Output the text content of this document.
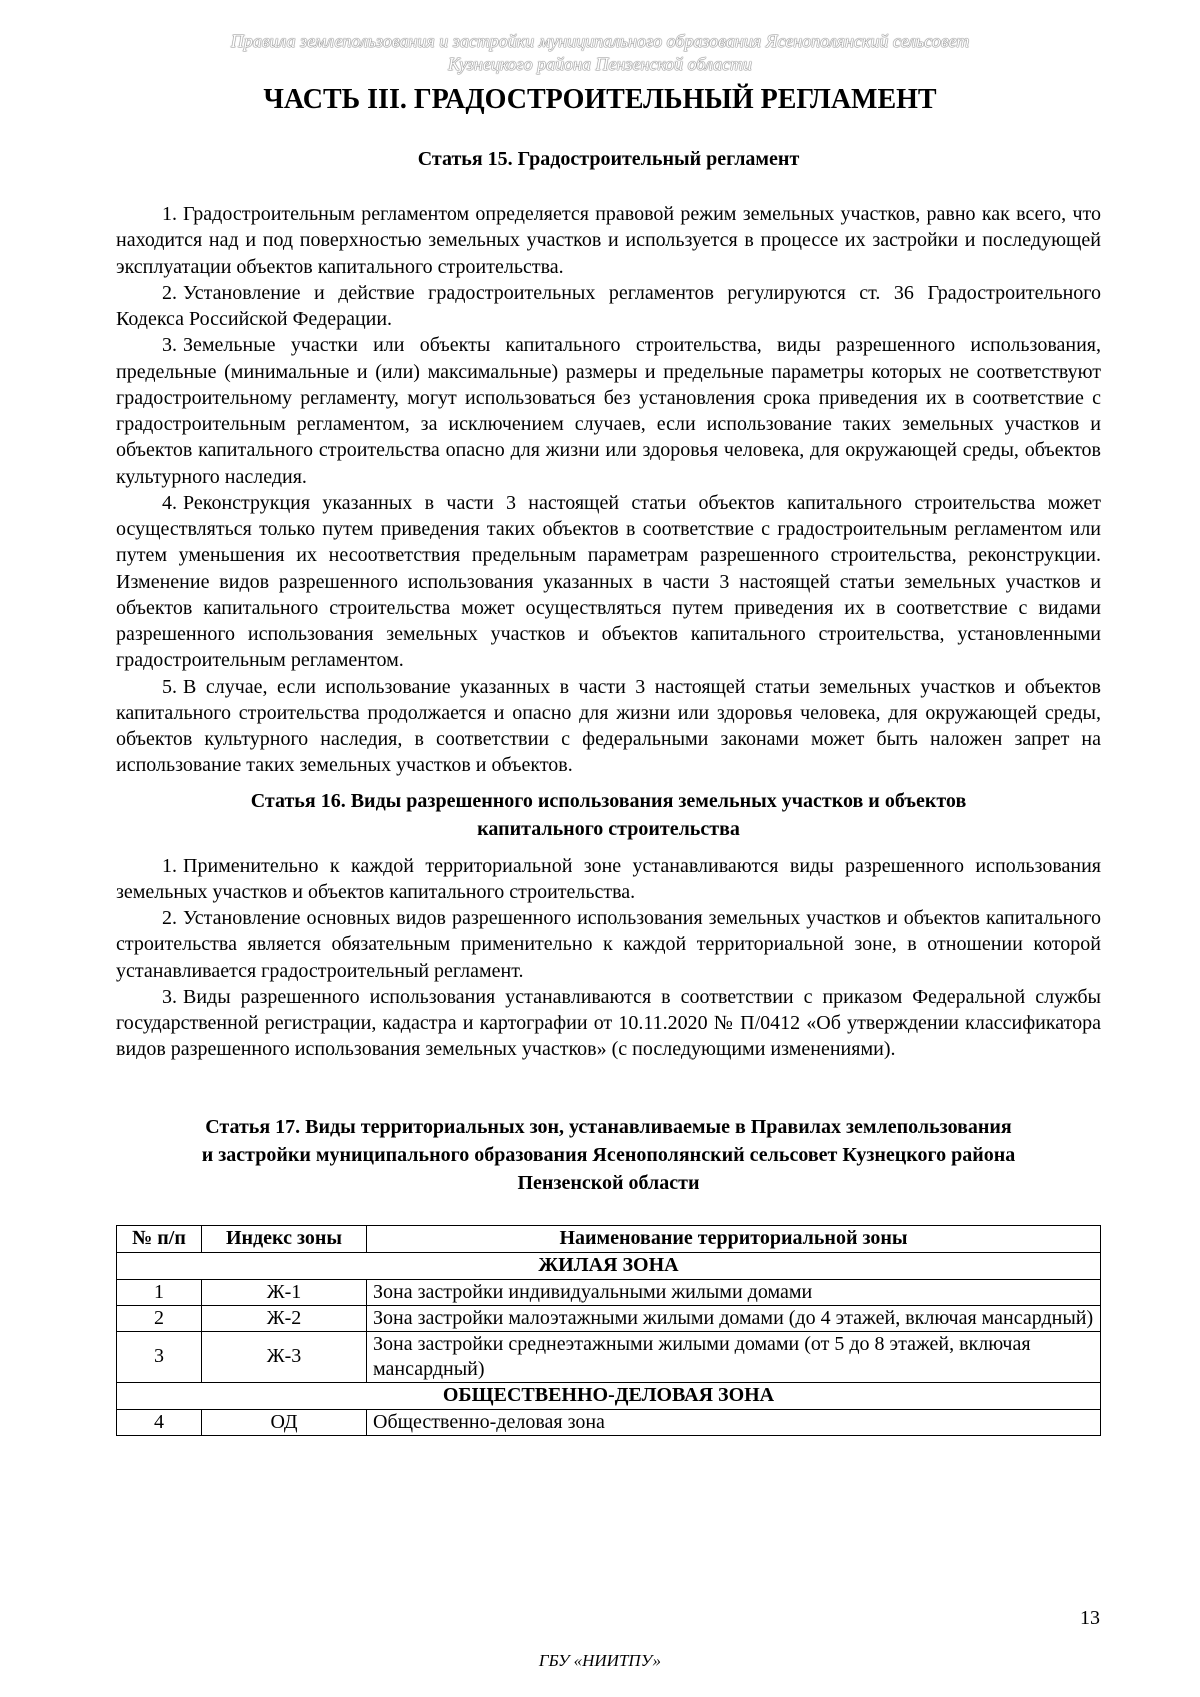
Правила землепользования и застройки муниципального образования Ясенополянский сельсовет
Кузнецкого района Пензенской области
ЧАСТЬ III. ГРАДОСТРОИТЕЛЬНЫЙ РЕГЛАМЕНТ
Статья 15. Градостроительный регламент

1. Градостроительным регламентом определяется правовой режим земельных участков, равно как всего, что находится над и под поверхностью земельных участков и используется в процессе их застройки и последующей эксплуатации объектов капитального строительства.

2. Установление и действие градостроительных регламентов регулируются ст. 36 Градостроительного Кодекса Российской Федерации.

3. Земельные участки или объекты капитального строительства, виды разрешенного использования, предельные (минимальные и (или) максимальные) размеры и предельные параметры которых не соответствуют градостроительному регламенту, могут использоваться без установления срока приведения их в соответствие с градостроительным регламентом, за исключением случаев, если использование таких земельных участков и объектов капитального строительства опасно для жизни или здоровья человека, для окружающей среды, объектов культурного наследия.

4. Реконструкция указанных в части 3 настоящей статьи объектов капитального строительства может осуществляться только путем приведения таких объектов в соответствие с градостроительным регламентом или путем уменьшения их несоответствия предельным параметрам разрешенного строительства, реконструкции. Изменение видов разрешенного использования указанных в части 3 настоящей статьи земельных участков и объектов капитального строительства может осуществляться путем приведения их в соответствие с видами разрешенного использования земельных участков и объектов капитального строительства, установленными градостроительным регламентом.

5. В случае, если использование указанных в части 3 настоящей статьи земельных участков и объектов капитального строительства продолжается и опасно для жизни или здоровья человека, для окружающей среды, объектов культурного наследия, в соответствии с федеральными законами может быть наложен запрет на использование таких земельных участков и объектов.

Статья 16. Виды разрешенного использования земельных участков и объектов
капитального строительства

1. Применительно к каждой территориальной зоне устанавливаются виды разрешенного использования земельных участков и объектов капитального строительства.

2. Установление основных видов разрешенного использования земельных участков и объектов капитального строительства является обязательным применительно к каждой территориальной зоне, в отношении которой устанавливается градостроительный регламент.

3. Виды разрешенного использования устанавливаются в соответствии с приказом Федеральной службы государственной регистрации, кадастра и картографии от 10.11.2020 № П/0412 «Об утверждении классификатора видов разрешенного использования земельных участков» (с последующими изменениями).

Статья 17. Виды территориальных зон, устанавливаемые в Правилах землепользования
и застройки муниципального образования Ясенополянский сельсовет Кузнецкого района
Пензенской области
№ п/п	Индекс зоны	Наименование территориальной зоны
ЖИЛАЯ ЗОНА		
1	Ж-1	Зона застройки индивидуальными жилыми домами
2	Ж-2	Зона застройки малоэтажными жилыми домами (до 4 этажей, включая мансардный)
3	Ж-3	Зона застройки среднеэтажными жилыми домами (от 5 до 8 этажей, включая мансардный)
ОБЩЕСТВЕННО-ДЕЛОВАЯ ЗОНА		
4	ОД	Общественно-деловая зона
13
ГБУ «НИИТПУ»
